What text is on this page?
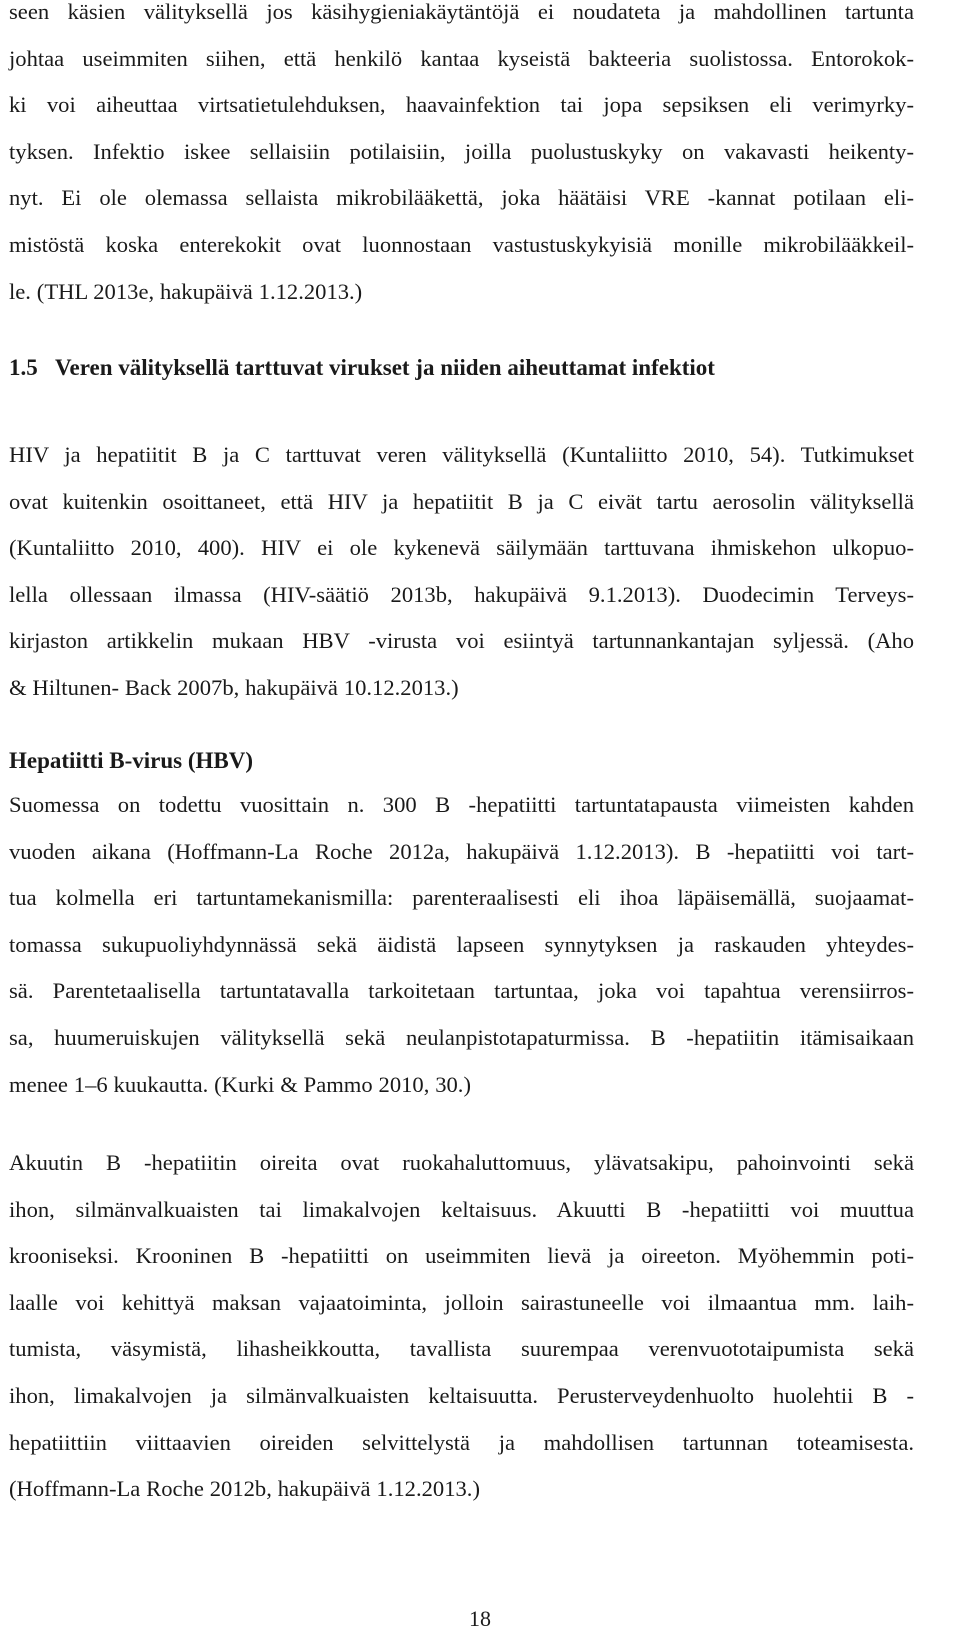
seen käsien välityksellä jos käsihygieniakäytäntöjä ei noudateta ja mahdollinen tartunta
johtaa useimmiten siihen, että henkilö kantaa kyseistä bakteeria suolistossa. Entorokok-
ki voi aiheuttaa virtsatietulehduksen, haavainfektion tai jopa sepsiksen eli verimyrky-
tyksen. Infektio iskee sellaisiin potilaisiin, joilla puolustuskyky on vakavasti heikenty-
nyt. Ei ole olemassa sellaista mikrobilääkettä, joka häätäisi VRE -kannat potilaan eli-
mistöstä koska enterekokit ovat luonnostaan vastustuskykyisiä monille mikrobilääkkeil-
le. (THL 2013e, hakupäivä 1.12.2013.)

1.5 Veren välityksellä tarttuvat virukset ja niiden aiheuttamat infektiot

HIV ja hepatiitit B ja C tarttuvat veren välityksellä (Kuntaliitto 2010, 54). Tutkimukset
ovat kuitenkin osoittaneet, että HIV ja hepatiitit B ja C eivät tartu aerosolin välityksellä
(Kuntaliitto 2010, 400). HIV ei ole kykenevä säilymään tarttuvana ihmiskehon ulkopuo-
lella ollessaan ilmassa (HIV-säätiö 2013b, hakupäivä 9.1.2013). Duodecimin Terveys-
kirjaston artikkelin mukaan HBV -virusta voi esiintyä tartunnankantajan syljessä. (Aho
& Hiltunen- Back 2007b, hakupäivä 10.12.2013.)

Hepatiitti B-virus (HBV)

Suomessa on todettu vuosittain n. 300 B -hepatiitti tartuntatapausta viimeisten kahden
vuoden aikana (Hoffmann-La Roche 2012a, hakupäivä 1.12.2013). B -hepatiitti voi tart-
tua kolmella eri tartuntamekanismilla: parenteraalisesti eli ihoa läpäisemällä, suojaamat-
tomassa sukupuoliyhdynnässä sekä äidistä lapseen synnytyksen ja raskauden yhteydes-
sä. Parentetaalisella tartuntatavalla tarkoitetaan tartuntaa, joka voi tapahtua verensiirros-
sa, huumeruiskujen välityksellä sekä neulanpistotapaturmissa. B -hepatiitin itämisaikaan
menee 1–6 kuukautta. (Kurki & Pammo 2010, 30.)

Akuutin B -hepatiitin oireita ovat ruokahaluttomuus, ylävatsakipu, pahoinvointi sekä
ihon, silmänvalkuaisten tai limakalvojen keltaisuus. Akuutti B -hepatiitti voi muuttua
krooniseksi. Krooninen B -hepatiitti on useimmiten lievä ja oireeton. Myöhemmin poti-
laalle voi kehittyä maksan vajaatoiminta, jolloin sairastuneelle voi ilmaantua mm. laih-
tumista, väsymistä, lihasheikkoutta, tavallista suurempaa verenvuototaipumista sekä
ihon, limakalvojen ja silmänvalkuaisten keltaisuutta. Perusterveydenhuolto huolehtii B -
hepatiittiin viittaavien oireiden selvittelystä ja mahdollisen tartunnan toteamisesta.
(Hoffmann-La Roche 2012b, hakupäivä 1.12.2013.)

18
